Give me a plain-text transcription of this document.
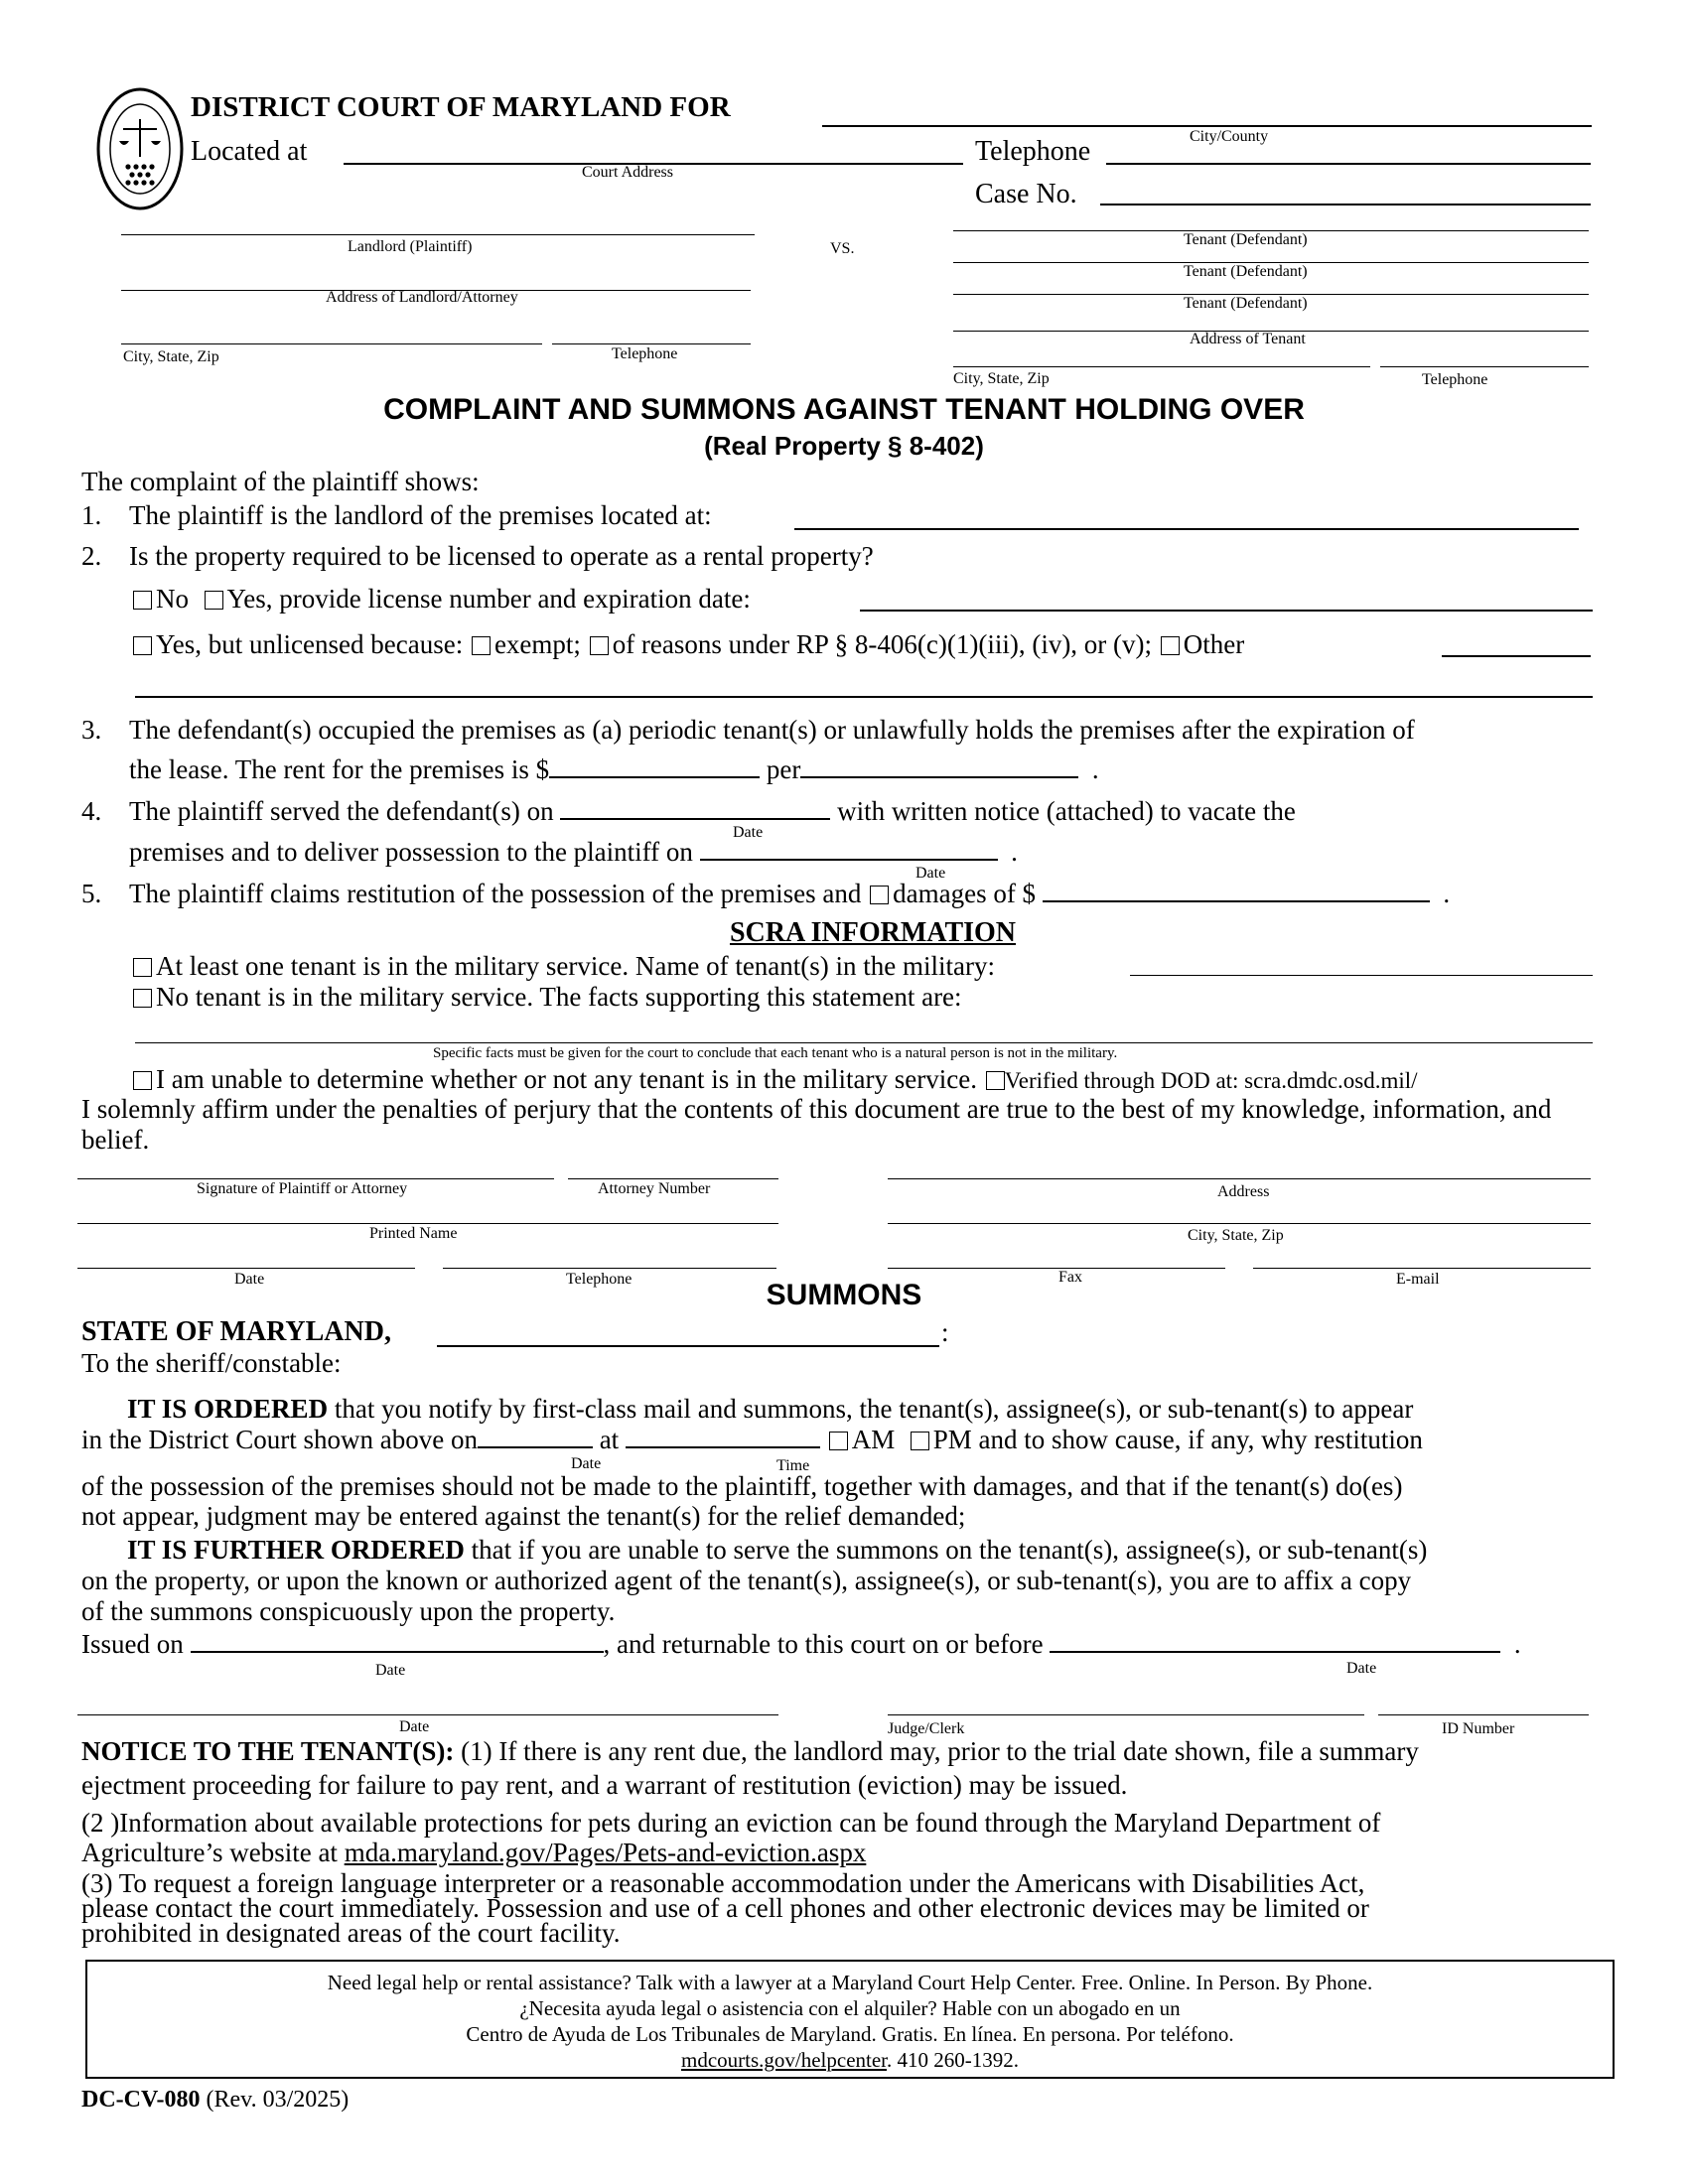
DISTRICT COURT OF MARYLAND FOR
City/County
Located at
Court Address
Telephone
Case No.
Landlord (Plaintiff)	VS.
Address of Landlord/Attorney
City, State, Zip	Telephone
Tenant (Defendant)
Tenant (Defendant)
Tenant (Defendant)
Address of Tenant
City, State, Zip	Telephone
COMPLAINT AND SUMMONS AGAINST TENANT HOLDING OVER
(Real Property § 8-402)
The complaint of the plaintiff shows:
1. The plaintiff is the landlord of the premises located at:
2. Is the property required to be licensed to operate as a rental property?
No Yes, provide license number and expiration date:
Yes, but unlicensed because: exempt; of reasons under RP § 8-406(c)(1)(iii), (iv), or (v); Other
3. The defendant(s) occupied the premises as (a) periodic tenant(s) or unlawfully holds the premises after the expiration of
the lease. The rent for the premises is $	per	.
4. The plaintiff served the defendant(s) on	with written notice (attached) to vacate the
Date
premises and to deliver possession to the plaintiff on	.
Date
5. The plaintiff claims restitution of the possession of the premises and damages of $	.
SCRA INFORMATION
At least one tenant is in the military service. Name of tenant(s) in the military:
No tenant is in the military service. The facts supporting this statement are:
Specific facts must be given for the court to conclude that each tenant who is a natural person is not in the military.
I am unable to determine whether or not any tenant is in the military service. Verified through DOD at: scra.dmdc.osd.mil/
I solemnly affirm under the penalties of perjury that the contents of this document are true to the best of my knowledge, information, and belief.
Signature of Plaintiff or Attorney	Attorney Number	Address
Printed Name	City, State, Zip
Date	Telephone	Fax	E-mail
SUMMONS
STATE OF MARYLAND,	:
To the sheriff/constable:
IT IS ORDERED that you notify by first-class mail and summons, the tenant(s), assignee(s), or sub-tenant(s) to appear
in the District Court shown above on	at	AM PM and to show cause, if any, why restitution
Date	Time
of the possession of the premises should not be made to the plaintiff, together with damages, and that if the tenant(s) do(es)
not appear, judgment may be entered against the tenant(s) for the relief demanded;
IT IS FURTHER ORDERED that if you are unable to serve the summons on the tenant(s), assignee(s), or sub-tenant(s)
on the property, or upon the known or authorized agent of the tenant(s), assignee(s), or sub-tenant(s), you are to affix a copy
of the summons conspicuously upon the property.
Issued on	, and returnable to this court on or before	.
Date	Date
Date	Judge/Clerk	ID Number
NOTICE TO THE TENANT(S): (1) If there is any rent due, the landlord may, prior to the trial date shown, file a summary
ejectment proceeding for failure to pay rent, and a warrant of restitution (eviction) may be issued.
(2 )Information about available protections for pets during an eviction can be found through the Maryland Department of
Agriculture’s website at mda.maryland.gov/Pages/Pets-and-eviction.aspx
(3) To request a foreign language interpreter or a reasonable accommodation under the Americans with Disabilities Act,
please contact the court immediately. Possession and use of a cell phones and other electronic devices may be limited or
prohibited in designated areas of the court facility.
Need legal help or rental assistance? Talk with a lawyer at a Maryland Court Help Center. Free. Online. In Person. By Phone.
¿Necesita ayuda legal o asistencia con el alquiler? Hable con un abogado en un
Centro de Ayuda de Los Tribunales de Maryland. Gratis. En línea. En persona. Por teléfono.
mdcourts.gov/helpcenter. 410 260-1392.
DC-CV-080 (Rev. 03/2025)
